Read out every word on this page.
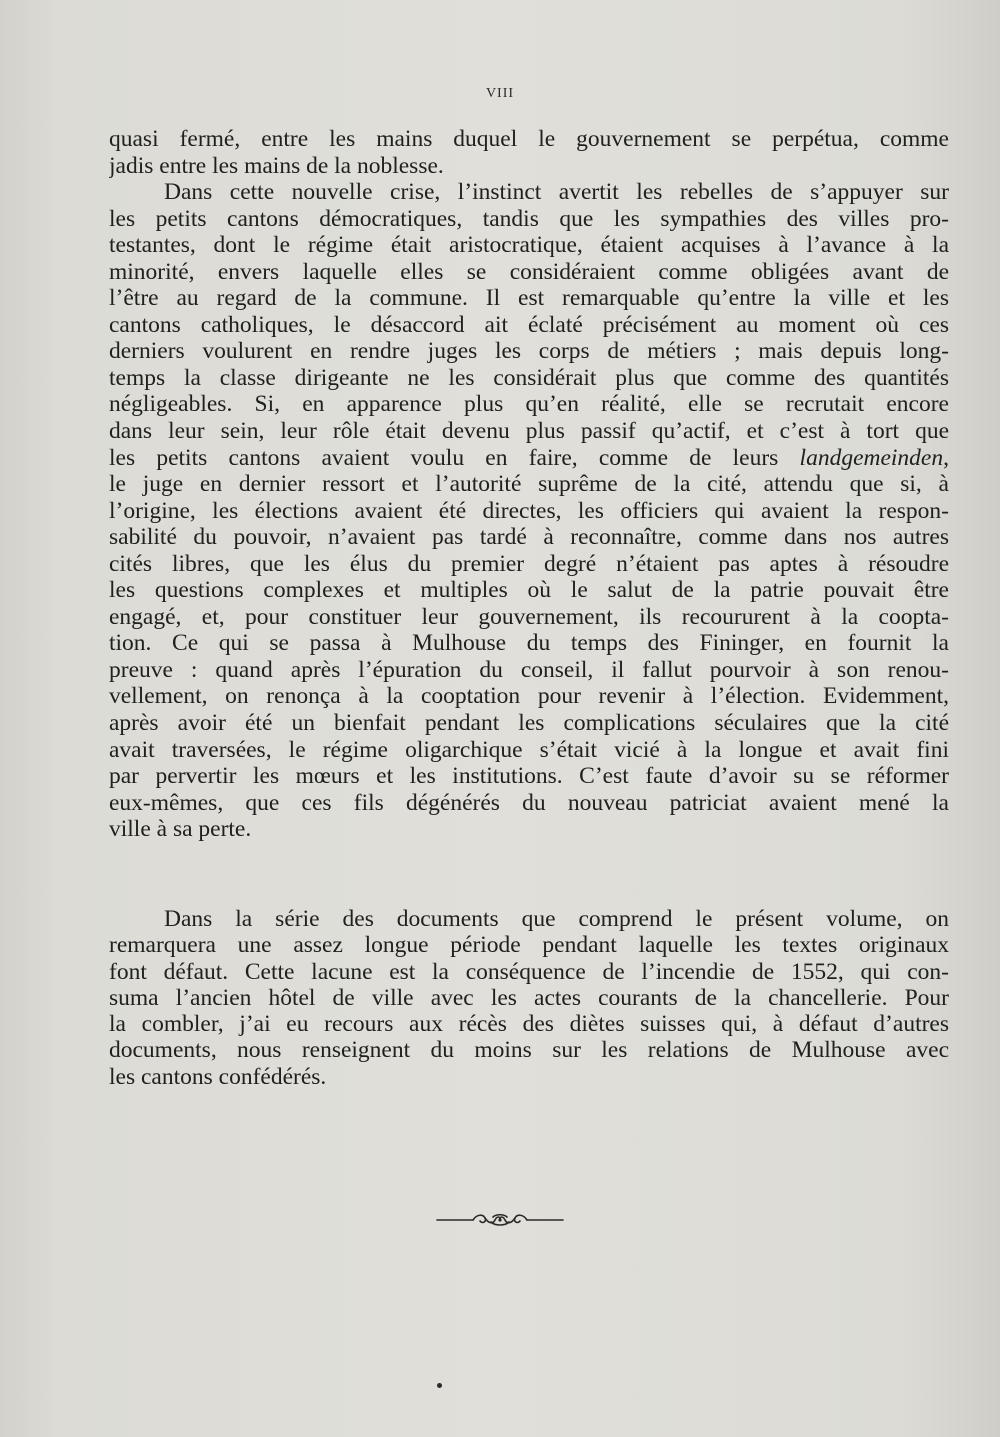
VIII
quasi fermé, entre les mains duquel le gouvernement se perpétua, comme
jadis entre les mains de la noblesse.
Dans cette nouvelle crise, l’instinct avertit les rebelles de s’appuyer sur
les petits cantons démocratiques, tandis que les sympathies des villes pro-
testantes, dont le régime était aristocratique, étaient acquises à l’avance à la
minorité, envers laquelle elles se considéraient comme obligées avant de
l’être au regard de la commune. Il est remarquable qu’entre la ville et les
cantons catholiques, le désaccord ait éclaté précisément au moment où ces
derniers voulurent en rendre juges les corps de métiers ; mais depuis long-
temps la classe dirigeante ne les considérait plus que comme des quantités
négligeables. Si, en apparence plus qu’en réalité, elle se recrutait encore
dans leur sein, leur rôle était devenu plus passif qu’actif, et c’est à tort que
les petits cantons avaient voulu en faire, comme de leurs landgemeinden,
le juge en dernier ressort et l’autorité suprême de la cité, attendu que si, à
l’origine, les élections avaient été directes, les officiers qui avaient la respon-
sabilité du pouvoir, n’avaient pas tardé à reconnaître, comme dans nos autres
cités libres, que les élus du premier degré n’étaient pas aptes à résoudre
les questions complexes et multiples où le salut de la patrie pouvait être
engagé, et, pour constituer leur gouvernement, ils recoururent à la coopta-
tion. Ce qui se passa à Mulhouse du temps des Fininger, en fournit la
preuve : quand après l’épuration du conseil, il fallut pourvoir à son renou-
vellement, on renonça à la cooptation pour revenir à l’élection. Evidemment,
après avoir été un bienfait pendant les complications séculaires que la cité
avait traversées, le régime oligarchique s’était vicié à la longue et avait fini
par pervertir les mœurs et les institutions. C’est faute d’avoir su se réformer
eux-mêmes, que ces fils dégénérés du nouveau patriciat avaient mené la
ville à sa perte.
Dans la série des documents que comprend le présent volume, on
remarquera une assez longue période pendant laquelle les textes originaux
font défaut. Cette lacune est la conséquence de l’incendie de 1552, qui con-
suma l’ancien hôtel de ville avec les actes courants de la chancellerie. Pour
la combler, j’ai eu recours aux récès des diètes suisses qui, à défaut d’autres
documents, nous renseignent du moins sur les relations de Mulhouse avec
les cantons confédérés.
